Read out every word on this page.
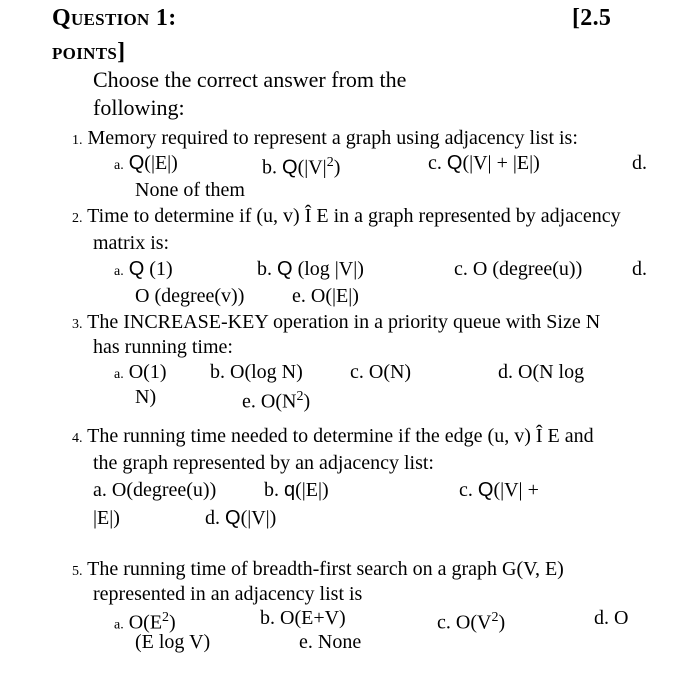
Question 1:	[2.5
points]
Choose the correct answer from the
following:
1. Memory required to represent a graph using adjacency list is:
a. Q(|E|)	b. $Q(|V|^2)$	c. Q(|V| + |E|)	d.
None of them
2. Time to determine if (u, v) Î E in a graph represented by adjacency
matrix is:
a. Q (1)	b. Q (log |V|)	c. O (degree(u)) d.
O (degree(v)) e. O(|E|)
3. The INCREASE-KEY operation in a priority queue with Size N
has running time:
a. O(1) b. O(log N) c. O(N)	d. O(N log
N)	e. $O(N^2)$
4. The running time needed to determine if the edge (u, v) Î E and
the graph represented by an adjacency list:
a. O(degree(u)) b. q(|E|)	c. Q(|V| +
|E|)	d. Q(|V|)
5. The running time of breadth-first search on a graph G(V, E)
represented in an adjacency list is
a. $O(E^2)$	b. O(E+V)	c. $O(V^2)$	d. O
(E log V)	e. None
